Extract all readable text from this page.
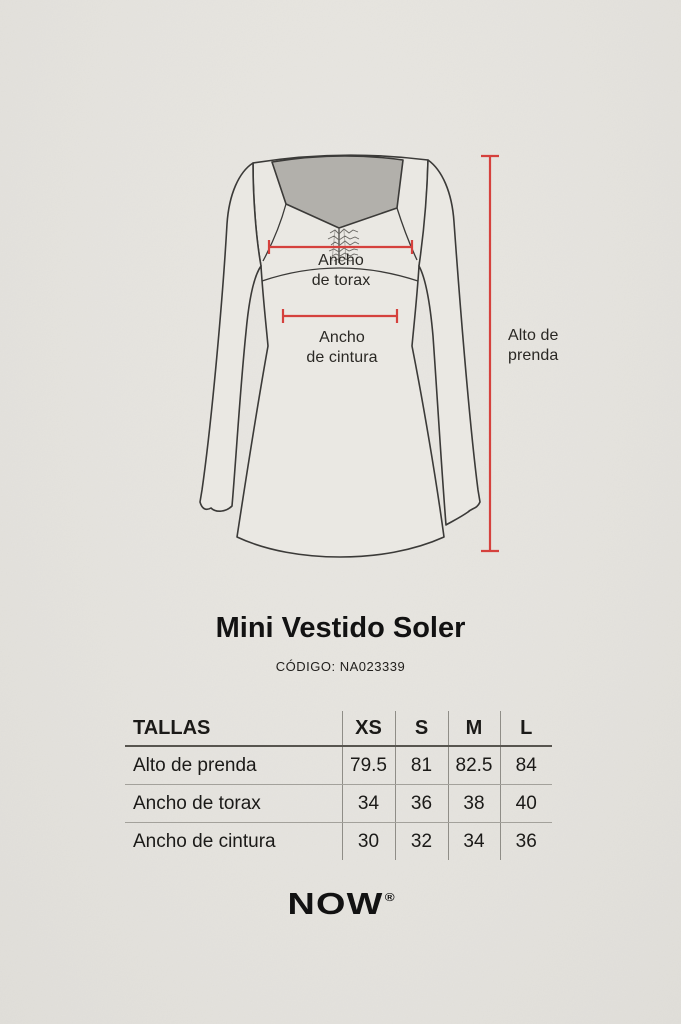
Ancho
de torax
Ancho
de cintura
Alto de
prenda
Mini Vestido Soler
CÓDIGO: NA023339
TALLAS	XS	S	M	L
Alto de prenda	79.5	81	82.5	84
Ancho de torax	34	36	38	40
Ancho de cintura	30	32	34	36
NOW®
